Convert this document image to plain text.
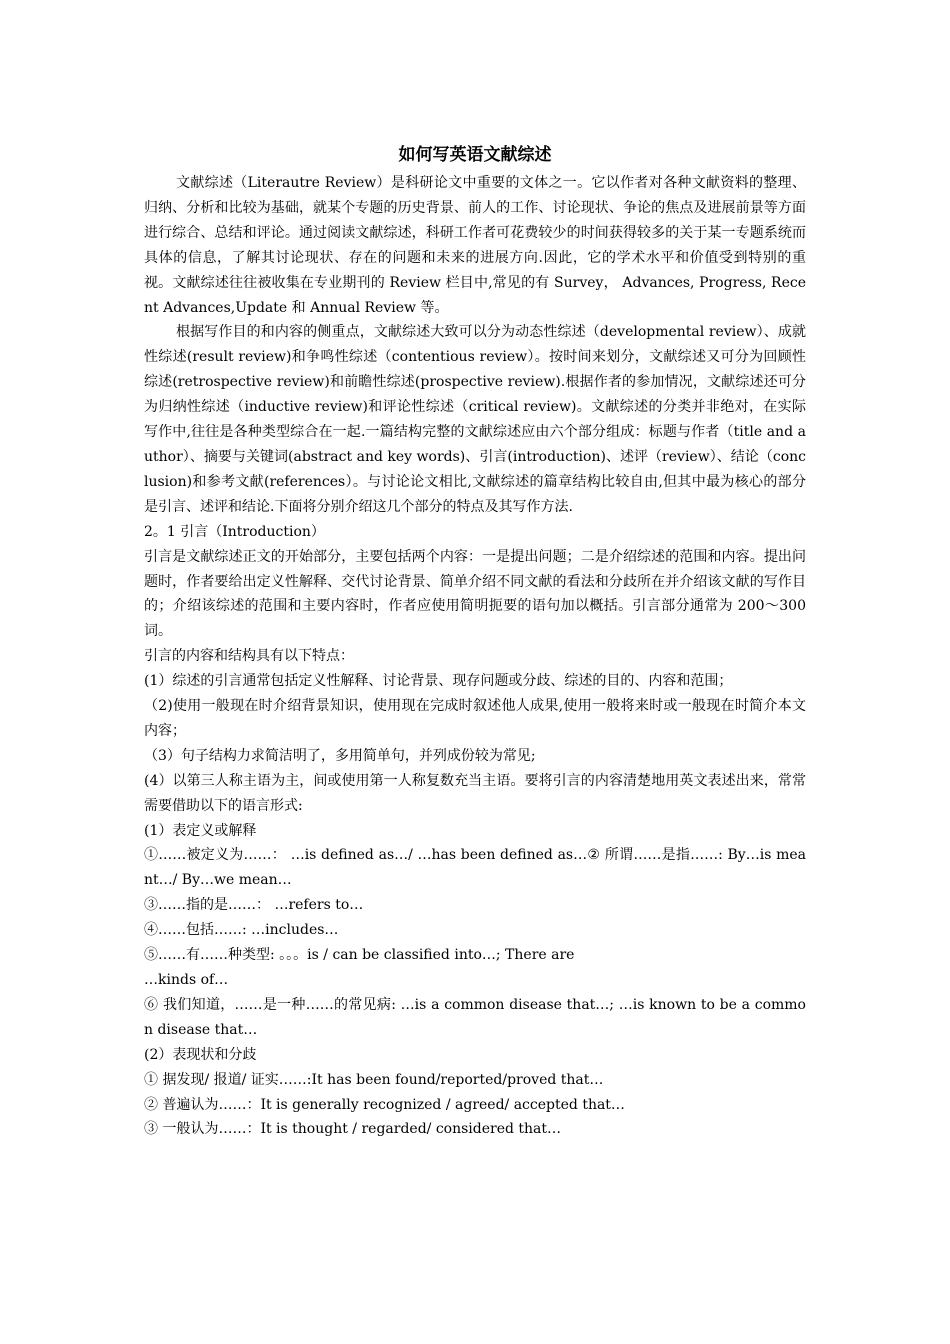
如何写英语文献综述

文献综述（Literautre Review）是科研论文中重要的文体之一。它以作者对各种文献资料的整理、归纳、分析和比较为基础，就某个专题的历史背景、前人的工作、讨论现状、争论的焦点及进展前景等方面进行综合、总结和评论。通过阅读文献综述，科研工作者可花费较少的时间获得较多的关于某一专题系统而具体的信息，了解其讨论现状、存在的问题和未来的进展方向.因此，它的学术水平和价值受到特别的重视。文献综述往往被收集在专业期刊的 Review 栏目中,常见的有 Survey， Advances, Progress, Recent Advances,Update 和 Annual Review 等。

根据写作目的和内容的侧重点，文献综述大致可以分为动态性综述（developmental review）、成就性综述(result review)和争鸣性综述（contentious review）。按时间来划分，文献综述又可分为回顾性综述(retrospective review)和前瞻性综述(prospective review).根据作者的参加情况，文献综述还可分为归纳性综述（inductive review)和评论性综述（critical review)。文献综述的分类并非绝对，在实际写作中,往往是各种类型综合在一起.一篇结构完整的文献综述应由六个部分组成：标题与作者（title and author）、摘要与关键词(abstract and key words)、引言(introduction)、述评（review）、结论（conclusion)和参考文献(references）。与讨论论文相比,文献综述的篇章结构比较自由,但其中最为核心的部分是引言、述评和结论.下面将分别介绍这几个部分的特点及其写作方法.

2。1 引言（Introduction）

引言是文献综述正文的开始部分，主要包括两个内容：一是提出问题；二是介绍综述的范围和内容。提出问题时，作者要给出定义性解释、交代讨论背景、简单介绍不同文献的看法和分歧所在并介绍该文献的写作目的；介绍该综述的范围和主要内容时，作者应使用简明扼要的语句加以概括。引言部分通常为 200～300 词。

引言的内容和结构具有以下特点：

(1）综述的引言通常包括定义性解释、讨论背景、现存问题或分歧、综述的目的、内容和范围；

（2)使用一般现在时介绍背景知识，使用现在完成时叙述他人成果,使用一般将来时或一般现在时简介本文内容；

（3）句子结构力求简洁明了，多用简单句，并列成份较为常见;

(4）以第三人称主语为主，间或使用第一人称复数充当主语。要将引言的内容清楚地用英文表述出来，常常需要借助以下的语言形式:

(1）表定义或解释

①……被定义为……： …is defined as…/ …has been defined as…② 所谓……是指……: By…is meant…/ By…we mean…

③……指的是……： …refers to…

④……包括……: …includes…

⑤……有……种类型: 。。。is / can be classified into…; There are

…kinds of…

⑥ 我们知道，……是一种……的常见病: …is a common disease that…; …is known to be a common disease that…

(2）表现状和分歧

① 据发现/ 报道/ 证实……:It has been found/reported/proved that…

② 普遍认为……：It is generally recognized / agreed/ accepted that…

③ 一般认为……：It is thought / regarded/ considered that…
